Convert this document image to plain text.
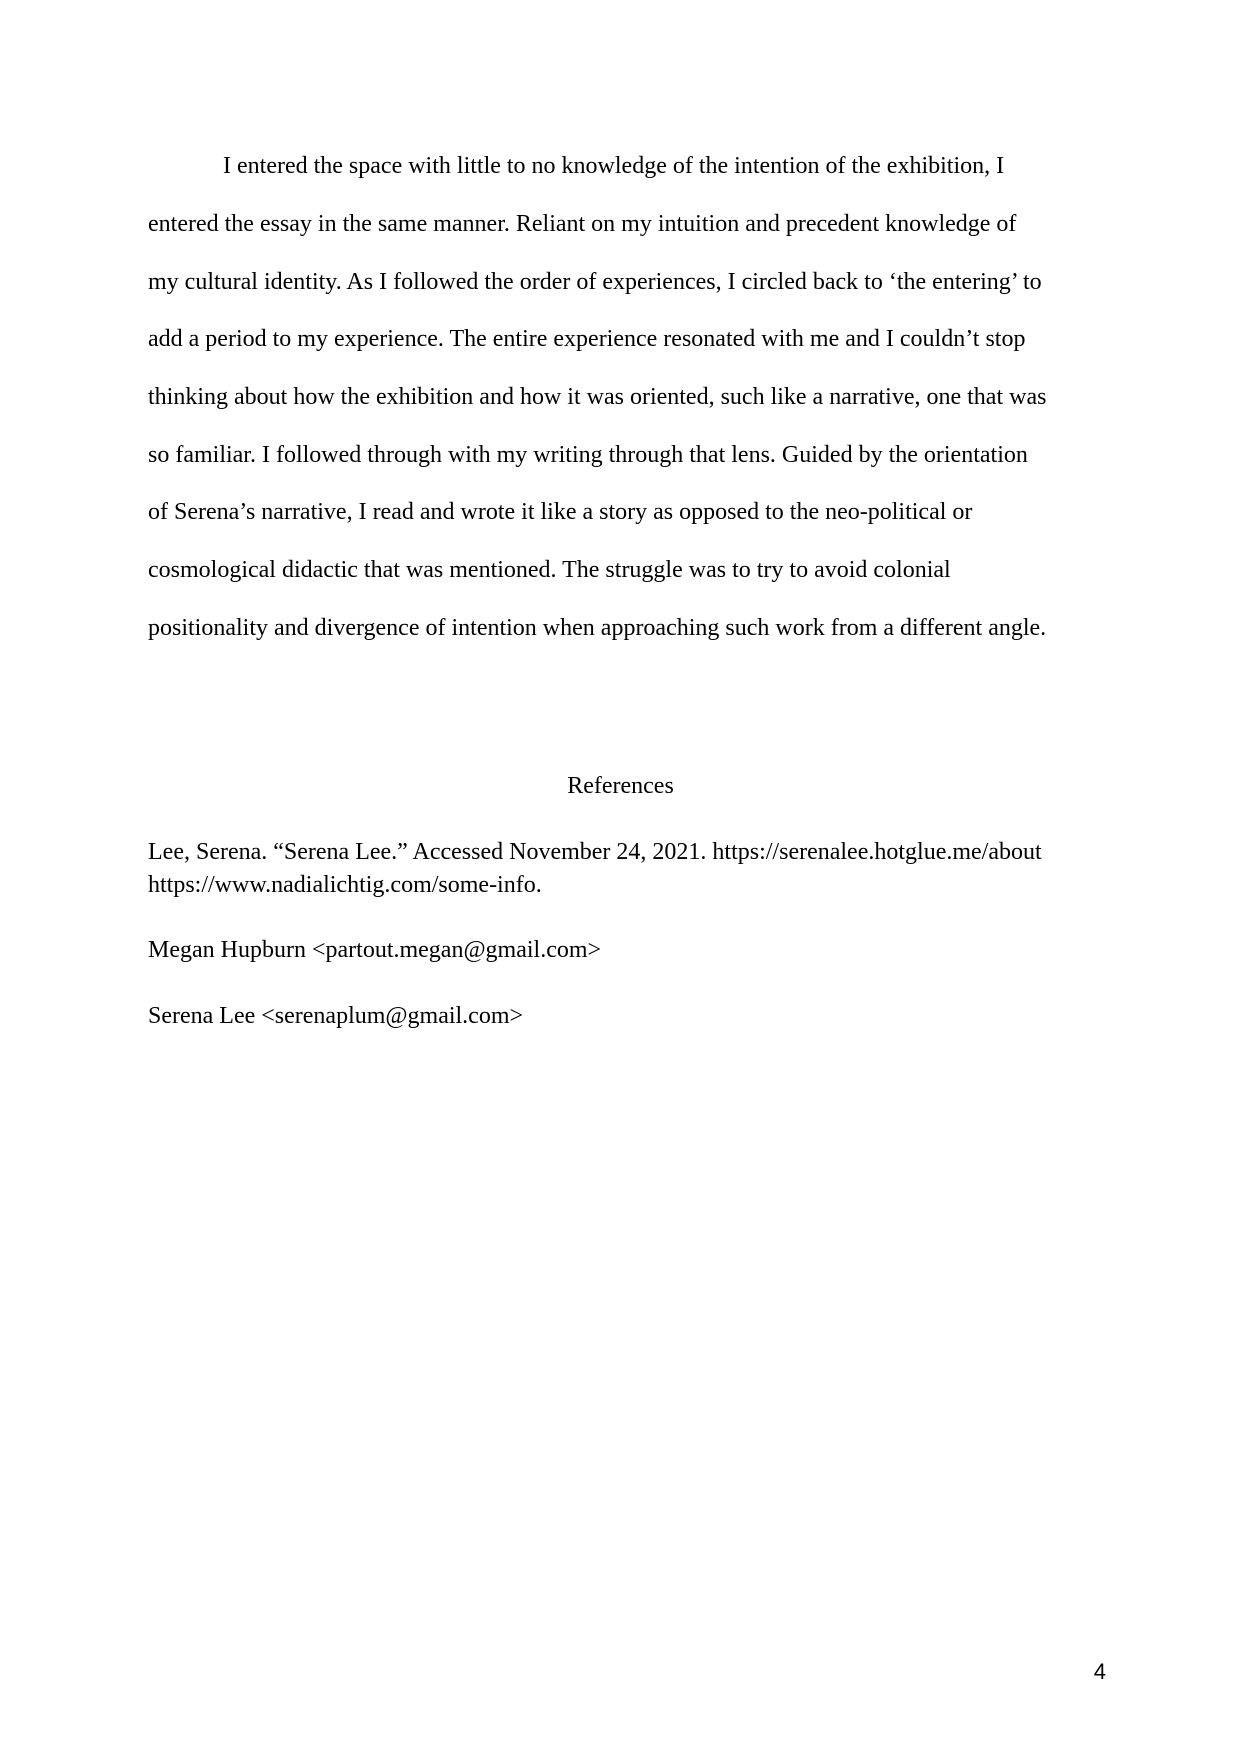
I entered the space with little to no knowledge of the intention of the exhibition, I

entered the essay in the same manner. Reliant on my intuition and precedent knowledge of

my cultural identity. As I followed the order of experiences, I circled back to ‘the entering’ to

add a period to my experience. The entire experience resonated with me and I couldn’t stop

thinking about how the exhibition and how it was oriented, such like a narrative, one that was

so familiar. I followed through with my writing through that lens. Guided by the orientation

of Serena’s narrative, I read and wrote it like a story as opposed to the neo-political or

cosmological didactic that was mentioned. The struggle was to try to avoid colonial

positionality and divergence of intention when approaching such work from a different angle.

References

Lee, Serena. “Serena Lee.” Accessed November 24, 2021. https://serenalee.hotglue.me/about

https://www.nadialichtig.com/some-info.

Megan Hupburn <partout.megan@gmail.com>

Serena Lee <serenaplum@gmail.com>

4
